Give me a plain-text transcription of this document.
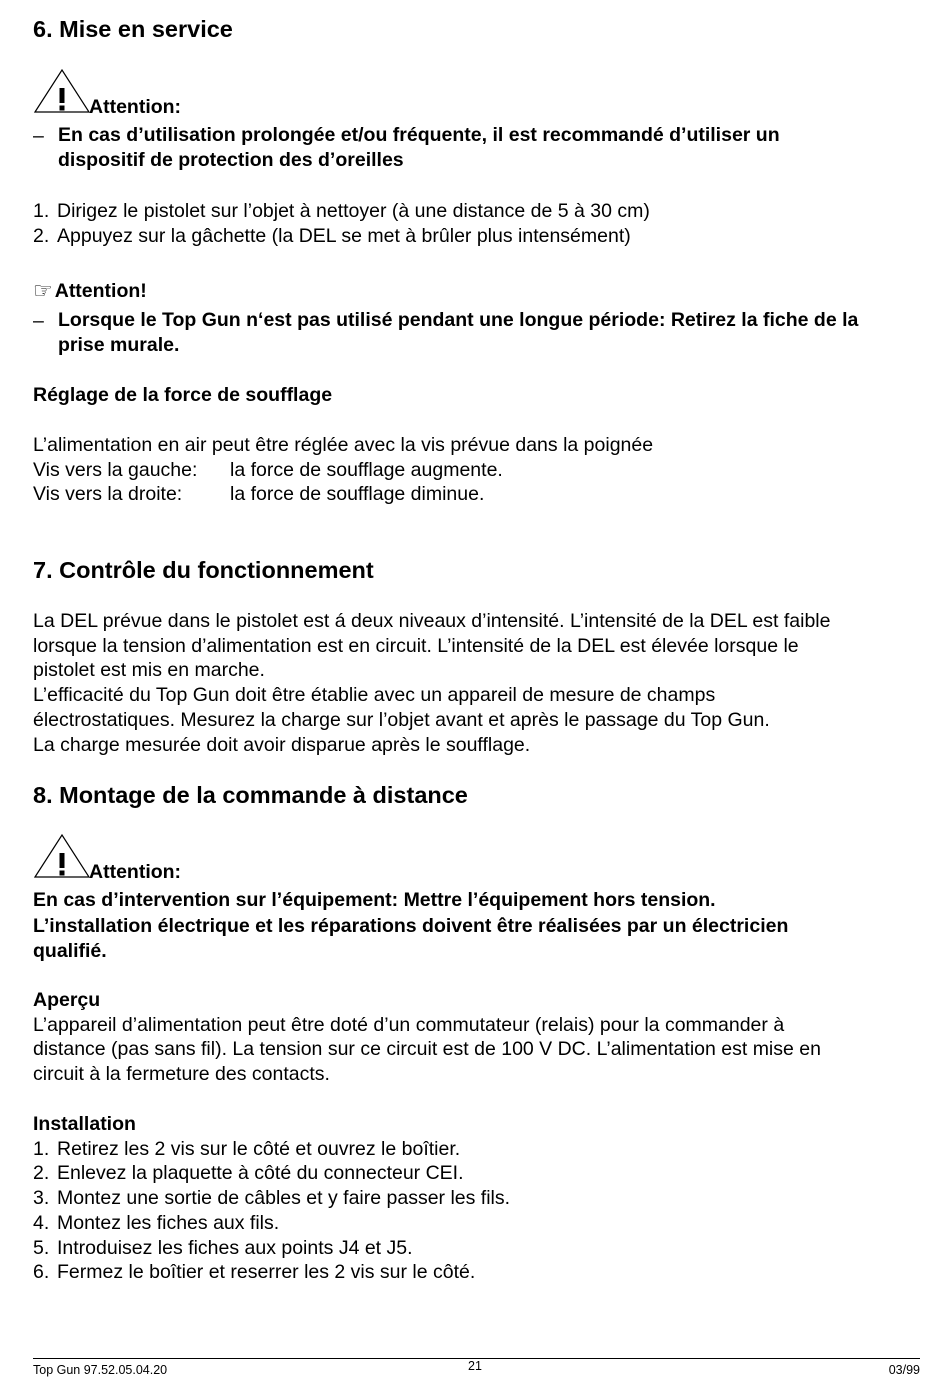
6. Mise en service
Attention:
– En cas d’utilisation prolongée et/ou fréquente, il est recommandé d’utiliser un
dispositif de protection des d’oreilles
1. Dirigez le pistolet sur l’objet à nettoyer (à une distance de 5 à 30 cm)
2. Appuyez sur la gâchette (la DEL se met à brûler plus intensément)
☞ Attention!
– Lorsque le Top Gun n‘est pas utilisé pendant une longue période: Retirez la fiche de la
prise murale.
Réglage de la force de soufflage
L’alimentation en air peut être réglée avec la vis prévue dans la poignée
Vis vers la gauche:	la force de soufflage augmente.
Vis vers la droite:	la force de soufflage diminue.
7. Contrôle du fonctionnement
La DEL prévue dans le pistolet est á deux niveaux d’intensité. L’intensité de la DEL est faible
lorsque la tension d’alimentation est en circuit. L’intensité de la DEL est élevée lorsque le
pistolet est mis en marche.
L’efficacité du Top Gun doit être établie avec un appareil de mesure de champs
électrostatiques. Mesurez la charge sur l’objet avant et après le passage du Top Gun.
La charge mesurée doit avoir disparue après le soufflage.
8. Montage de la commande à distance
Attention:
En cas d’intervention sur l’équipement: Mettre l’équipement hors tension.
L’installation électrique et les réparations doivent être réalisées par un électricien
qualifié.
Aperçu
L’appareil d’alimentation peut être doté d’un commutateur (relais) pour la commander à
distance (pas sans fil). La tension sur ce circuit est de 100 V DC. L’alimentation est mise en
circuit à la fermeture des contacts.
Installation
1. Retirez les 2 vis sur le côté et ouvrez le boîtier.
2. Enlevez la plaquette à côté du connecteur CEI.
3. Montez une sortie de câbles et y faire passer les fils.
4. Montez les fiches aux fils.
5. Introduisez les fiches aux points J4 et J5.
6. Fermez le boîtier et reserrer les 2 vis sur le côté.
Top Gun 97.52.05.04.20	21	03/99
